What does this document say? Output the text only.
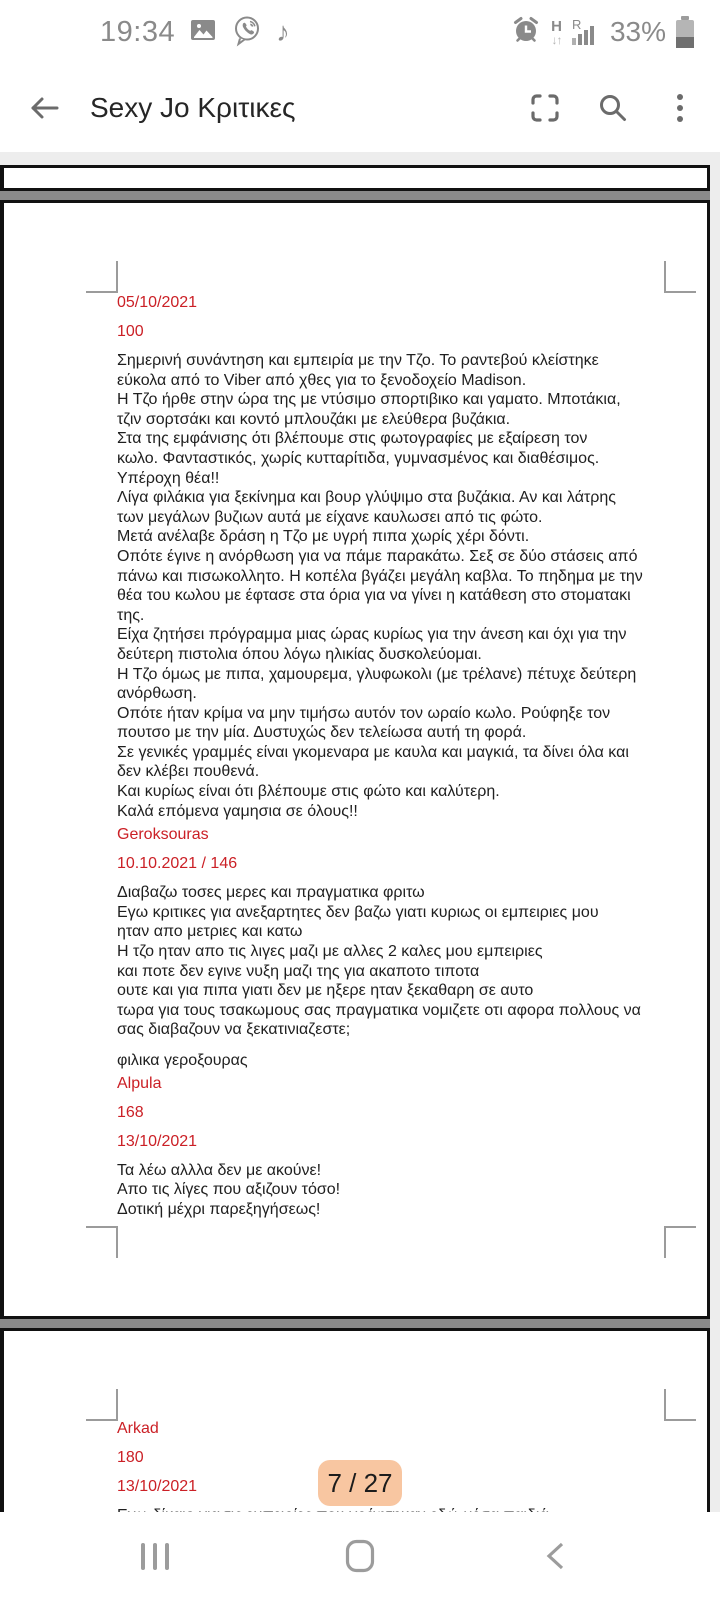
19:34	♪	H
↓↑
R 33%
Sexy Jo Κριτικες
05/10/2021
100
Σημερινή συνάντηση και εμπειρία με την Τζο. Το ραντεβού κλείστηκε
εύκολα από το Viber από χθες για το ξενοδοχείο Madison.
Η Τζο ήρθε στην ώρα της με ντύσιμο σπορτιβικο και γαματο. Μποτάκια,
τζιν σορτσάκι και κοντό μπλουζάκι με ελεύθερα βυζάκια.
Στα της εμφάνισης ότι βλέπουμε στις φωτογραφίες με εξαίρεση τον
κωλο. Φανταστικός, χωρίς κυτταρίτιδα, γυμνασμένος και διαθέσιμος.
Υπέροχη θέα!!
Λίγα φιλάκια για ξεκίνημα και βουρ γλύψιμο στα βυζάκια. Αν και λάτρης
των μεγάλων βυζιων αυτά με είχανε καυλωσει από τις φώτο.
Μετά ανέλαβε δράση η Τζο με υγρή πιπα χωρίς χέρι δόντι.
Οπότε έγινε η ανόρθωση για να πάμε παρακάτω. Σεξ σε δύο στάσεις από
πάνω και πισωκολλητο. Η κοπέλα βγάζει μεγάλη καβλα. Το πηδημα με την
θέα του κωλου με έφτασε στα όρια για να γίνει η κατάθεση στο στοματακι
της.
Είχα ζητήσει πρόγραμμα μιας ώρας κυρίως για την άνεση και όχι για την
δεύτερη πιστολια όπου λόγω ηλικίας δυσκολεύομαι.
Η Τζο όμως με πιπα, χαμουρεμα, γλυφωκολι (με τρέλανε) πέτυχε δεύτερη
ανόρθωση.
Οπότε ήταν κρίμα να μην τιμήσω αυτόν τον ωραίο κωλο. Ρούφηξε τον
πουτσο με την μία. Δυστυχώς δεν τελείωσα αυτή τη φορά.
Σε γενικές γραμμές είναι γκομεναρα με καυλα και μαγκιά, τα δίνει όλα και
δεν κλέβει πουθενά.
Και κυρίως είναι ότι βλέπουμε στις φώτο και καλύτερη.
Καλά επόμενα γαμησια σε όλους!!
Geroksouras
10.10.2021 / 146
Διαβαζω τοσες μερες και πραγματικα φριτω
Εγω κριτικες για ανεξαρτητες δεν βαζω γιατι κυριως οι εμπειριες μου
ηταν απο μετριες και κατω
Η τζο ηταν απο τις λιγες μαζι με αλλες 2 καλες μου εμπειριες
και ποτε δεν εγινε νυξη μαζι της για ακαποτο τιποτα
ουτε και για πιπα γιατι δεν με ηξερε ηταν ξεκαθαρη σε αυτο
τωρα για τους τσακωμους σας πραγματικα νομιζετε οτι αφορα πολλους να
σας διαβαζουν να ξεκατινιαζεστε;
φιλικα γεροξουρας
Alpula
168
13/10/2021
Τα λέω αλλλα δεν με ακούνε!
Απο τις λίγες που αξιζουν τόσο!
Δοτική μέχρι παρεξηγήσεως!
Arkad
180
13/10/2021	7 / 27
